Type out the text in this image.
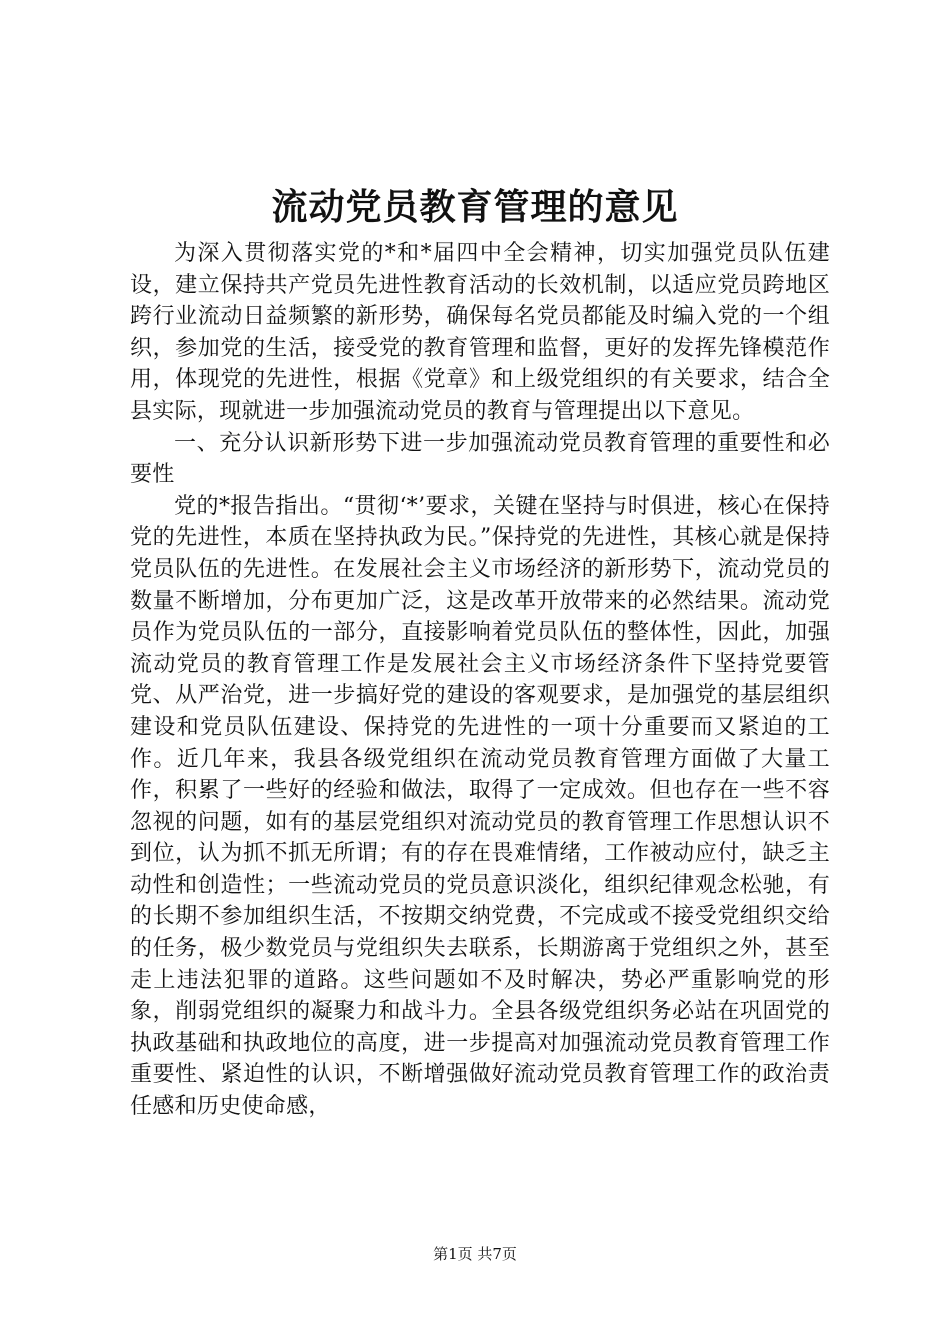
流动党员教育管理的意见

为深入贯彻落实党的*和*届四中全会精神，切实加强党员队伍建设，建立保持共产党员先进性教育活动的长效机制，以适应党员跨地区跨行业流动日益频繁的新形势，确保每名党员都能及时编入党的一个组织，参加党的生活，接受党的教育管理和监督，更好的发挥先锋模范作用，体现党的先进性，根据《党章》和上级党组织的有关要求，结合全县实际，现就进一步加强流动党员的教育与管理提出以下意见。

一、充分认识新形势下进一步加强流动党员教育管理的重要性和必要性

党的*报告指出。“贯彻‘*’要求，关键在坚持与时俱进，核心在保持党的先进性，本质在坚持执政为民。”保持党的先进性，其核心就是保持党员队伍的先进性。在发展社会主义市场经济的新形势下，流动党员的数量不断增加，分布更加广泛，这是改革开放带来的必然结果。流动党员作为党员队伍的一部分，直接影响着党员队伍的整体性，因此，加强流动党员的教育管理工作是发展社会主义市场经济条件下坚持党要管党、从严治党，进一步搞好党的建设的客观要求，是加强党的基层组织建设和党员队伍建设、保持党的先进性的一项十分重要而又紧迫的工作。近几年来，我县各级党组织在流动党员教育管理方面做了大量工作，积累了一些好的经验和做法，取得了一定成效。但也存在一些不容忽视的问题，如有的基层党组织对流动党员的教育管理工作思想认识不到位，认为抓不抓无所谓；有的存在畏难情绪，工作被动应付，缺乏主动性和创造性；一些流动党员的党员意识淡化，组织纪律观念松驰，有的长期不参加组织生活，不按期交纳党费，不完成或不接受党组织交给的任务，极少数党员与党组织失去联系，长期游离于党组织之外，甚至走上违法犯罪的道路。这些问题如不及时解决，势必严重影响党的形象，削弱党组织的凝聚力和战斗力。全县各级党组织务必站在巩固党的执政基础和执政地位的高度，进一步提高对加强流动党员教育管理工作重要性、紧迫性的认识，不断增强做好流动党员教育管理工作的政治责任感和历史使命感，

第1页 共7页
